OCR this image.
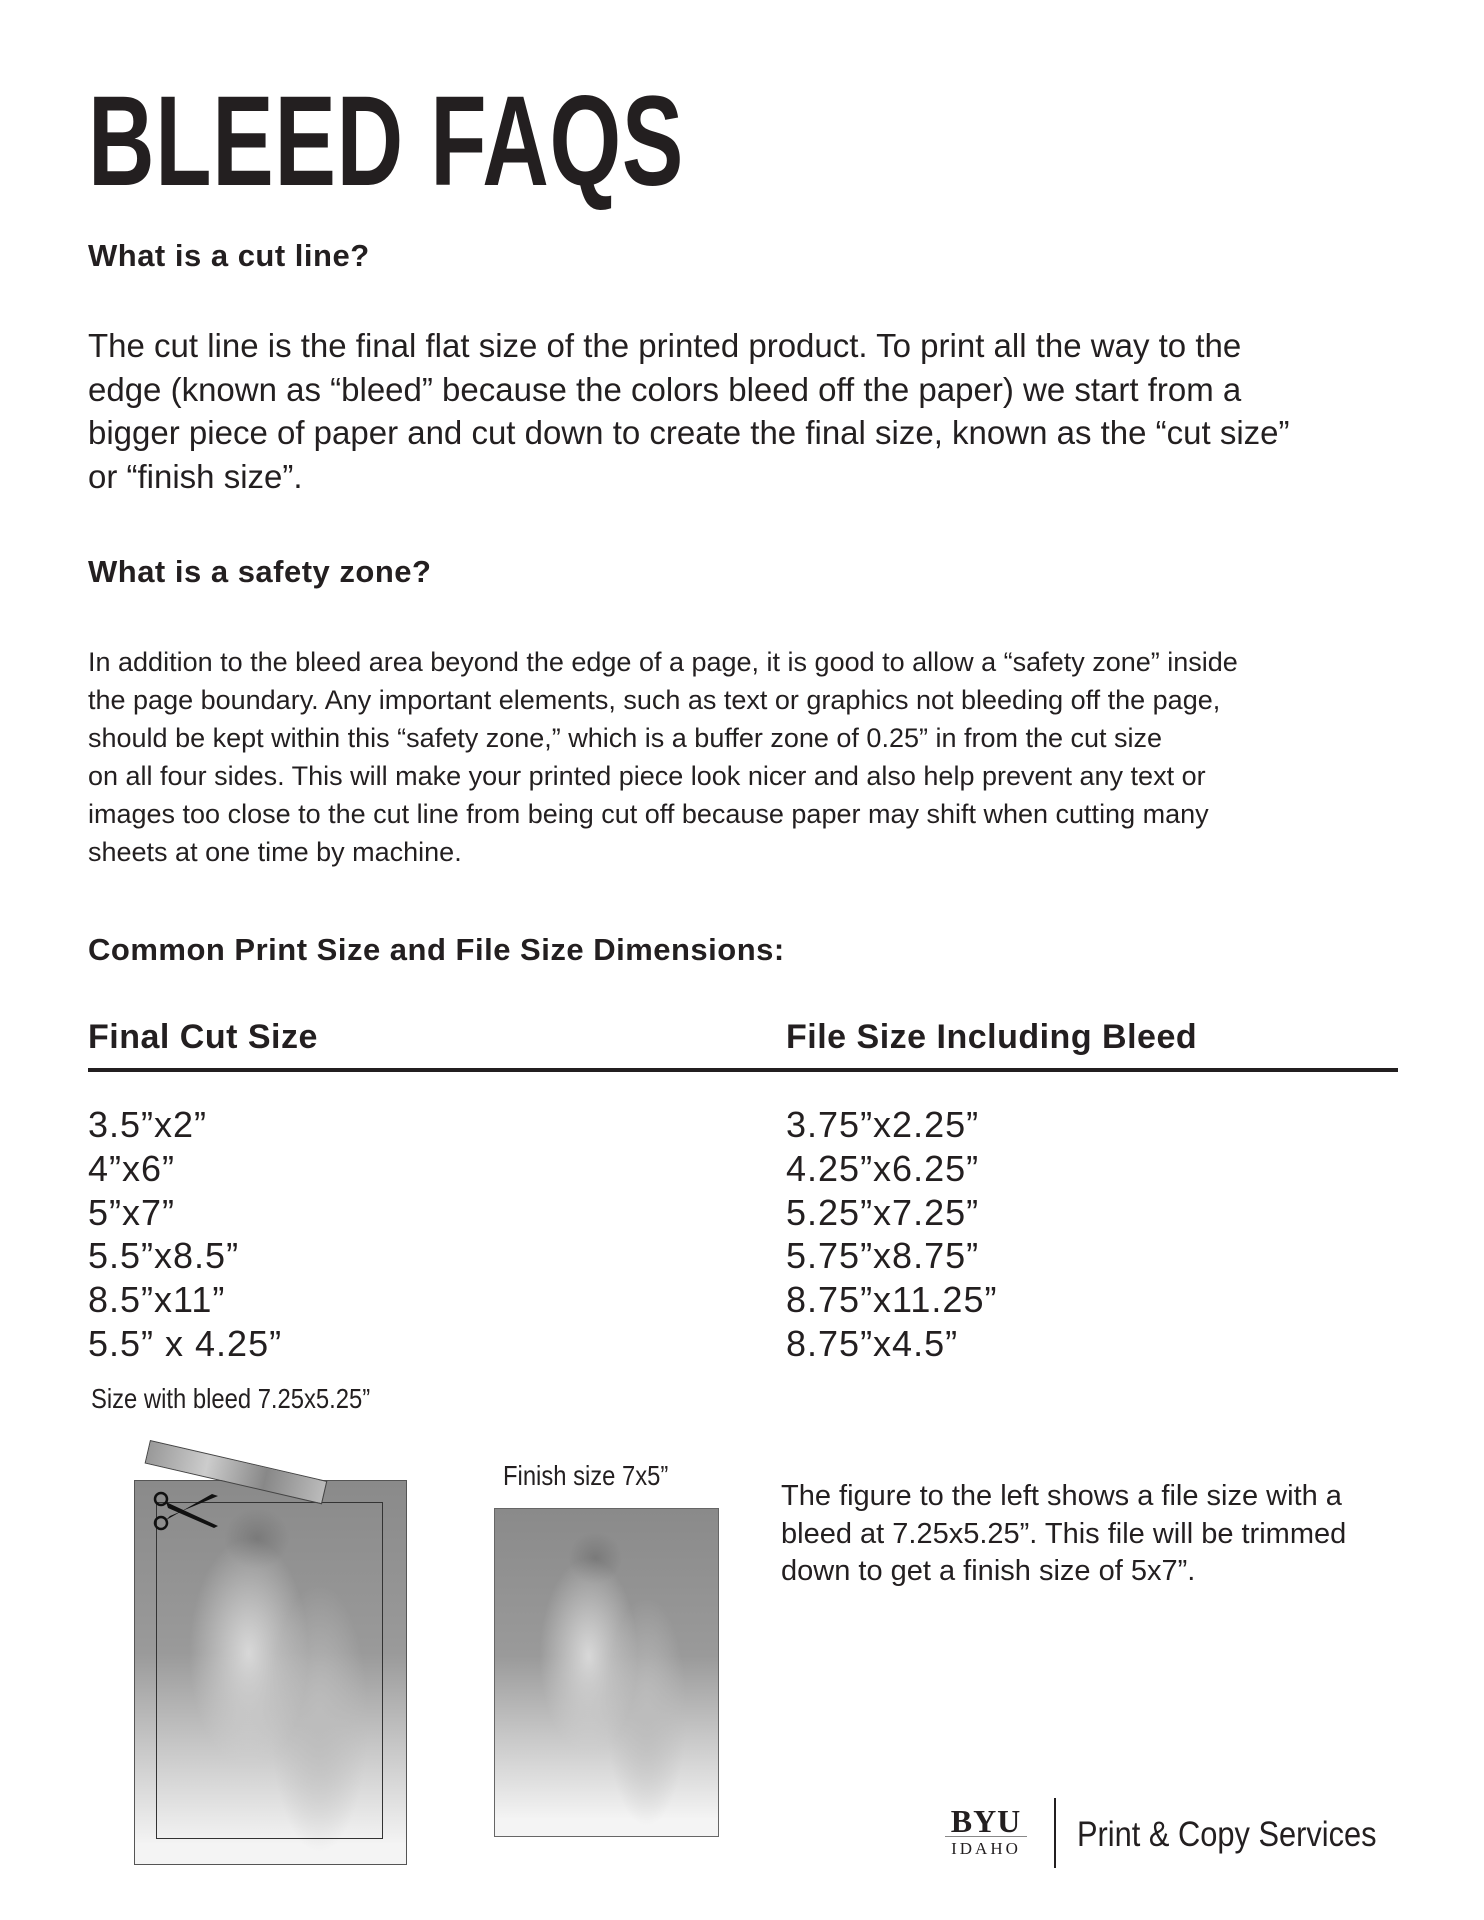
BLEED FAQS
What is a cut line?
The cut line is the final flat size of the printed product. To print all the way to the
edge (known as “bleed” because the colors bleed off the paper) we start from a
bigger piece of paper and cut down to create the final size, known as the “cut size”
or “finish size”.
What is a safety zone?
In addition to the bleed area beyond the edge of a page, it is good to allow a “safety zone” inside
the page boundary. Any important elements, such as text or graphics not bleeding off the page,
should be kept within this “safety zone,” which is a buffer zone of 0.25” in from the cut size
on all four sides. This will make your printed piece look nicer and also help prevent any text or
images too close to the cut line from being cut off because paper may shift when cutting many
sheets at one time by machine.
Common Print Size and File Size Dimensions:
Final Cut Size	File Size Including Bleed
3.5”x2”
4”x6”
5”x7”
5.5”x8.5”
8.5”x11”
5.5” x 4.25”
3.75”x2.25”
4.25”x6.25”
5.25”x7.25”
5.75”x8.75”
8.75”x11.25”
8.75”x4.5”
Size with bleed 7.25x5.25”
Finish size 7x5”
The figure to the left shows a file size with a
bleed at 7.25x5.25”. This file will be trimmed
down to get a finish size of 5x7”.
BYU
IDAHO Print & Copy Services
